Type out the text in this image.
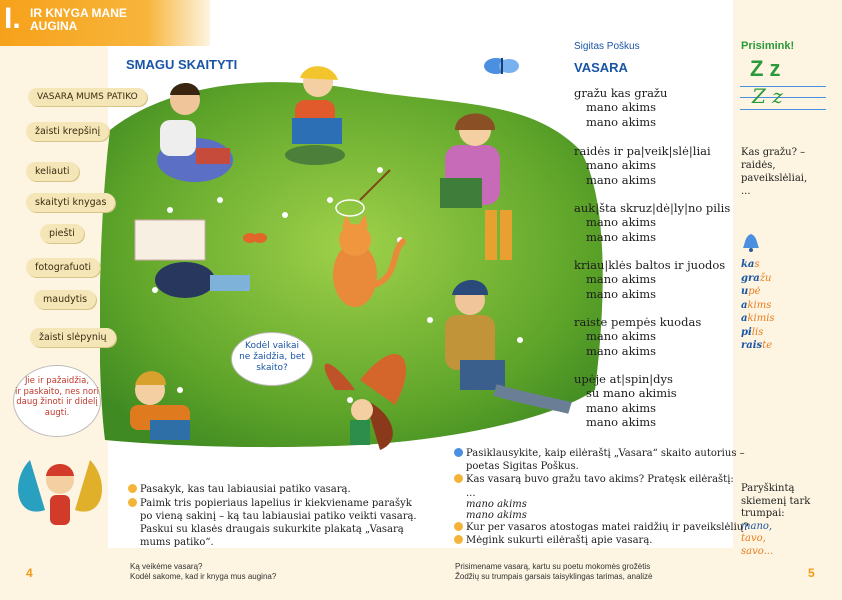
I. IR KNYGA MANE
AUGINA
SMAGU SKAITYTI
VASARĄ MUMS PATIKO
žaisti krepšinį
keliauti
skaityti knygas
piešti
fotografuoti
maudytis
žaisti slėpynių
Kodėl vaikai ne žaidžia, bet skaito?
Jie ir pažaidžia,
ir paskaito, nes nori
daug žinoti ir didelį
augti.
Pasakyk, kas tau labiausiai patiko vasarą.
Paimk tris popieriaus lapelius ir kiekviename parašyk
po vieną sakinį – ką tau labiausiai patiko veikti vasarą.
Paskui su klasės draugais sukurkite plakatą „Vasarą
mums patiko“.
Sigitas Poškus
VASARA
gražu kas gražu
mano akims
mano akims
raidės ir pa|veik|slė|liai
mano akims
mano akims
auk|šta skruz|dė|ly|no pilis
mano akims
mano akims
kriau|klės baltos ir juodos
mano akims
mano akims
raiste pempės kuodas
mano akims
mano akims
upėje at|spin|dys
su mano akimis
mano akims
mano akims
Pasiklausykite, kaip eilėraštį „Vasara“ skaito autorius –
poetas Sigitas Poškus.
Kas vasarą buvo gražu tavo akims? Pratęsk eilėraštį:
...
mano akims
mano akims
Kur per vasaros atostogas matei raidžių ir paveikslėlių?
Mėgink sukurti eilėraštį apie vasarą.
Prisimink!
Z z
Z z
Kas gražu? –
raidės,
paveikslėliai,
...
kas
gražu
upė
akims
akimis
pilis
raiste
Paryškintą
skiemenį tark
trumpai:
mano,
tavo,
savo...
4	Ką veikėme vasarą?
Kodėl sakome, kad ir knyga mus augina?
Prisimename vasarą, kartu su poetu mokomės grožėtis
Žodžių su trumpais garsais taisyklingas tarimas, analizė	5
